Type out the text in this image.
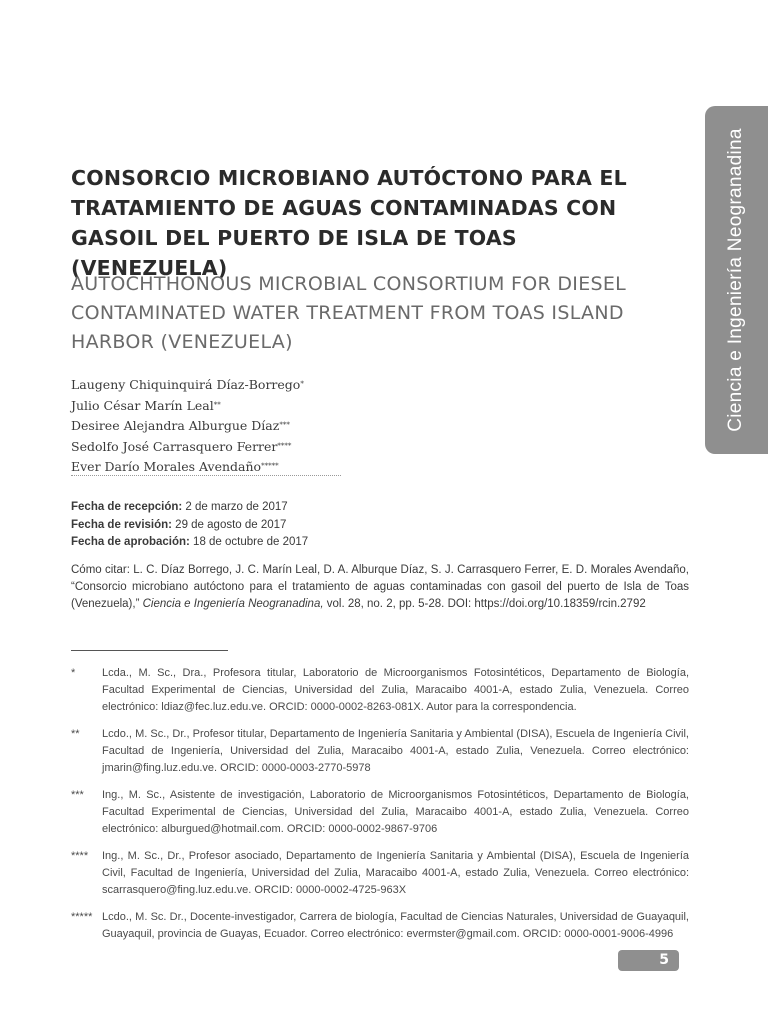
Ciencia e Ingeniería Neogranadina
CONSORCIO MICROBIANO AUTÓCTONO PARA EL
TRATAMIENTO DE AGUAS CONTAMINADAS CON
GASOIL DEL PUERTO DE ISLA DE TOAS (VENEZUELA)
AUTOCHTHONOUS MICROBIAL CONSORTIUM FOR DIESEL
CONTAMINATED WATER TREATMENT FROM TOAS ISLAND
HARBOR (VENEZUELA)
Laugeny Chiquinquirá Díaz-Borrego*
Julio César Marín Leal**
Desiree Alejandra Alburgue Díaz***
Sedolfo José Carrasquero Ferrer****
Ever Darío Morales Avendaño*****
Fecha de recepción: 2 de marzo de 2017
Fecha de revisión: 29 de agosto de 2017
Fecha de aprobación: 18 de octubre de 2017

Cómo citar: L. C. Díaz Borrego, J. C. Marín Leal, D. A. Alburque Díaz, S. J. Carrasquero Ferrer, E. D. Morales Avendaño, “Consorcio microbiano autóctono para el tratamiento de aguas contaminadas con gasoil del puerto de Isla de Toas (Venezuela),” Ciencia e Ingeniería Neogranadina, vol. 28, no. 2, pp. 5-28. DOI: https://doi.org/10.18359/rcin.2792

*	Lcda., M. Sc., Dra., Profesora titular, Laboratorio de Microorganismos Fotosintéticos, Departamento de Biología, Facultad Experimental de Ciencias, Universidad del Zulia, Maracaibo 4001-A, estado Zulia, Venezuela. Correo electrónico: ldiaz@fec.luz.edu.ve. ORCID: 0000-0002-8263-081X. Autor para la correspondencia.
**	Lcdo., M. Sc., Dr., Profesor titular, Departamento de Ingeniería Sanitaria y Ambiental (DISA), Escuela de Ingeniería Civil, Facultad de Ingeniería, Universidad del Zulia, Maracaibo 4001-A, estado Zulia, Venezuela. Correo electrónico: jmarin@fing.luz.edu.ve. ORCID: 0000-0003-2770-5978
***	Ing., M. Sc., Asistente de investigación, Laboratorio de Microorganismos Fotosintéticos, Departamento de Biología, Facultad Experimental de Ciencias, Universidad del Zulia, Maracaibo 4001-A, estado Zulia, Venezuela. Correo electrónico: alburgued@hotmail.com. ORCID: 0000-0002-9867-9706
****	Ing., M. Sc., Dr., Profesor asociado, Departamento de Ingeniería Sanitaria y Ambiental (DISA), Escuela de Ingeniería Civil, Facultad de Ingeniería, Universidad del Zulia, Maracaibo 4001-A, estado Zulia, Venezuela. Correo electrónico: scarrasquero@fing.luz.edu.ve. ORCID: 0000-0002-4725-963X
***** Lcdo., M. Sc. Dr., Docente-investigador, Carrera de biología, Facultad de Ciencias Naturales, Universidad de Guayaquil, Guayaquil, provincia de Guayas, Ecuador. Correo electrónico: evermster@gmail.com. ORCID: 0000-0001-9006-4996
5
